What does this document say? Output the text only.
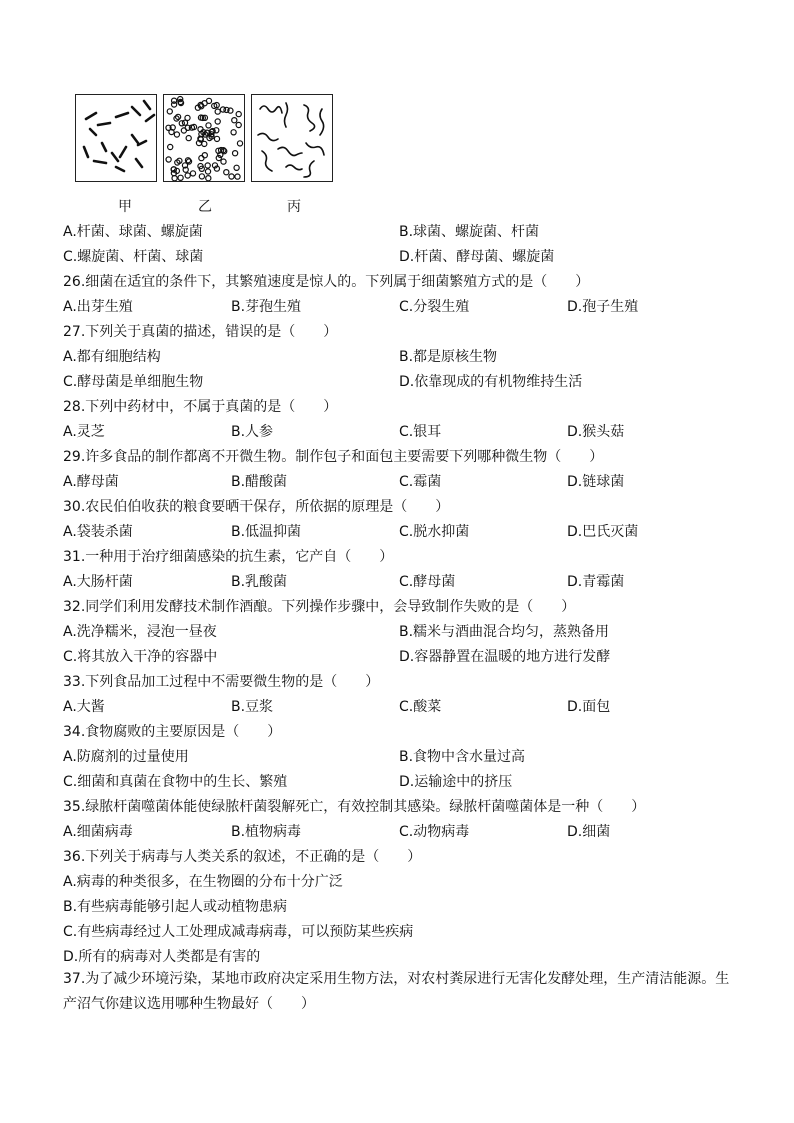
甲	乙	丙
A.杆菌、球菌、螺旋菌	B.球菌、螺旋菌、杆菌
C.螺旋菌、杆菌、球菌	D.杆菌、酵母菌、螺旋菌
26.细菌在适宜的条件下，其繁殖速度是惊人的。下列属于细菌繁殖方式的是（　　）
A.出芽生殖	B.芽孢生殖	C.分裂生殖	D.孢子生殖
27.下列关于真菌的描述，错误的是（　　）
A.都有细胞结构	B.都是原核生物
C.酵母菌是单细胞生物	D.依靠现成的有机物维持生活
28.下列中药材中，不属于真菌的是（　　）
A.灵芝	B.人参	C.银耳	D.猴头菇
29.许多食品的制作都离不开微生物。制作包子和面包主要需要下列哪种微生物（　　）
A.酵母菌	B.醋酸菌	C.霉菌	D.链球菌
30.农民伯伯收获的粮食要晒干保存，所依据的原理是（　　）
A.袋装杀菌	B.低温抑菌	C.脱水抑菌	D.巴氏灭菌
31.一种用于治疗细菌感染的抗生素，它产自（　　）
A.大肠杆菌	B.乳酸菌	C.酵母菌	D.青霉菌
32.同学们利用发酵技术制作酒酿。下列操作步骤中，会导致制作失败的是（　　）
A.洗净糯米，浸泡一昼夜	B.糯米与酒曲混合均匀，蒸熟备用
C.将其放入干净的容器中	D.容器静置在温暖的地方进行发酵
33.下列食品加工过程中不需要微生物的是（　　）
A.大酱	B.豆浆	C.酸菜	D.面包
34.食物腐败的主要原因是（　　）
A.防腐剂的过量使用	B.食物中含水量过高
C.细菌和真菌在食物中的生长、繁殖	D.运输途中的挤压
35.绿脓杆菌噬菌体能使绿脓杆菌裂解死亡，有效控制其感染。绿脓杆菌噬菌体是一种（　　）
A.细菌病毒	B.植物病毒	C.动物病毒	D.细菌
36.下列关于病毒与人类关系的叙述，不正确的是（　　）
A.病毒的种类很多，在生物圈的分布十分广泛
B.有些病毒能够引起人或动植物患病
C.有些病毒经过人工处理成减毒病毒，可以预防某些疾病
D.所有的病毒对人类都是有害的
37.为了减少环境污染，某地市政府决定采用生物方法，对农村粪尿进行无害化发酵处理，生产清洁能源。生产沼气你建议选用哪种生物最好（　　）
